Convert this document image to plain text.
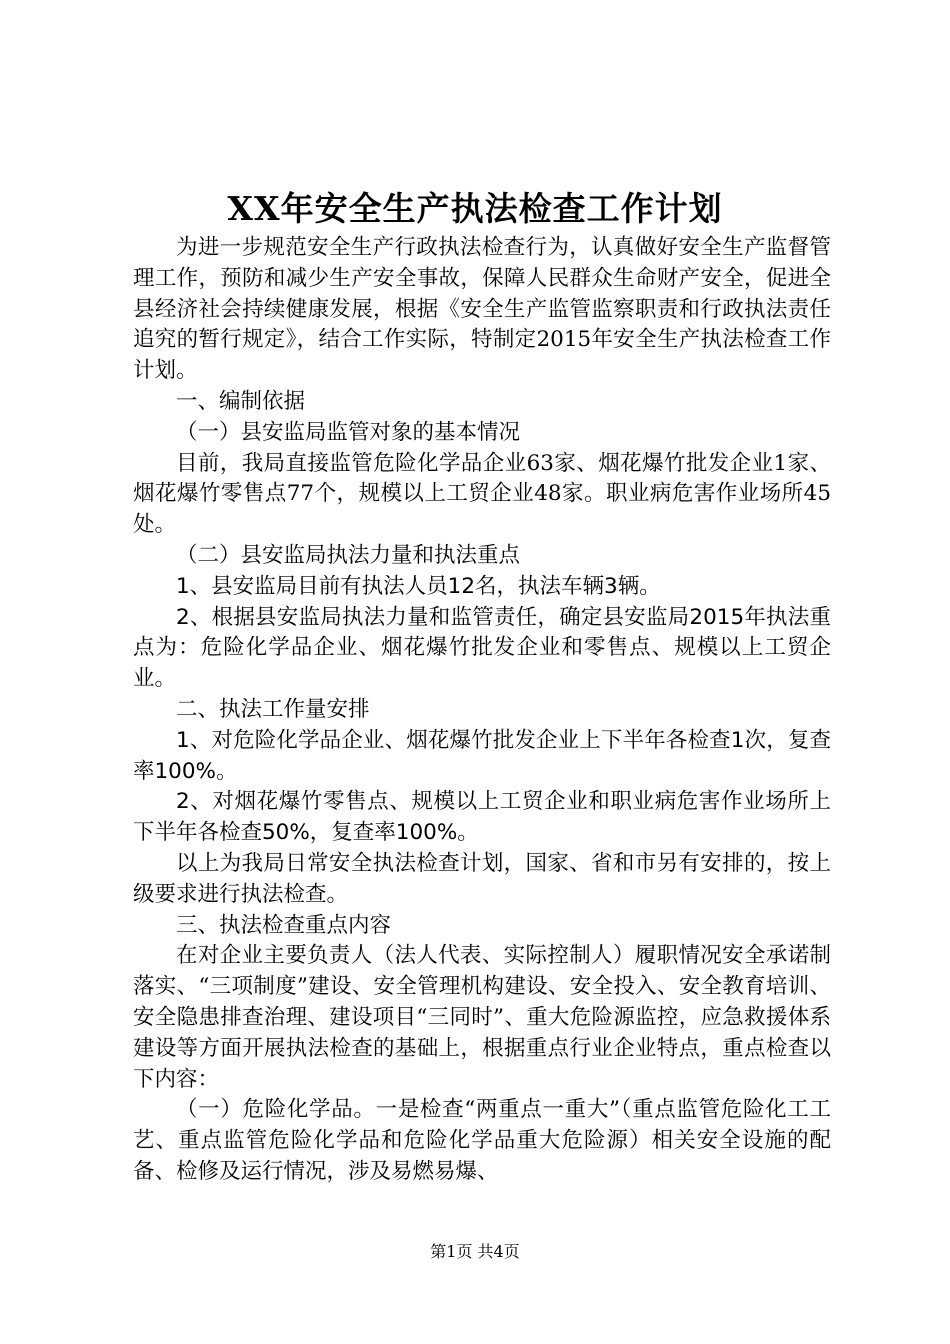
XX年安全生产执法检查工作计划

为进一步规范安全生产行政执法检查行为，认真做好安全生产监督管理工作，预防和减少生产安全事故，保障人民群众生命财产安全，促进全县经济社会持续健康发展，根据《安全生产监管监察职责和行政执法责任追究的暂行规定》，结合工作实际，特制定2015年安全生产执法检查工作计划。

一、编制依据

（一）县安监局监管对象的基本情况

目前，我局直接监管危险化学品企业63家、烟花爆竹批发企业1家、烟花爆竹零售点77个，规模以上工贸企业48家。职业病危害作业场所45处。

（二）县安监局执法力量和执法重点

1、县安监局目前有执法人员12名，执法车辆3辆。

2、根据县安监局执法力量和监管责任，确定县安监局2015年执法重点为：危险化学品企业、烟花爆竹批发企业和零售点、规模以上工贸企业。

二、执法工作量安排

1、对危险化学品企业、烟花爆竹批发企业上下半年各检查1次，复查率100%。

2、对烟花爆竹零售点、规模以上工贸企业和职业病危害作业场所上下半年各检查50%，复查率100%。

以上为我局日常安全执法检查计划，国家、省和市另有安排的，按上级要求进行执法检查。

三、执法检查重点内容

在对企业主要负责人（法人代表、实际控制人）履职情况安全承诺制落实、“三项制度”建设、安全管理机构建设、安全投入、安全教育培训、安全隐患排查治理、建设项目“三同时”、重大危险源监控，应急救援体系建设等方面开展执法检查的基础上，根据重点行业企业特点，重点检查以下内容：

（一）危险化学品。一是检查“两重点一重大”（重点监管危险化工工艺、重点监管危险化学品和危险化学品重大危险源）相关安全设施的配备、检修及运行情况，涉及易燃易爆、

第1页 共4页
